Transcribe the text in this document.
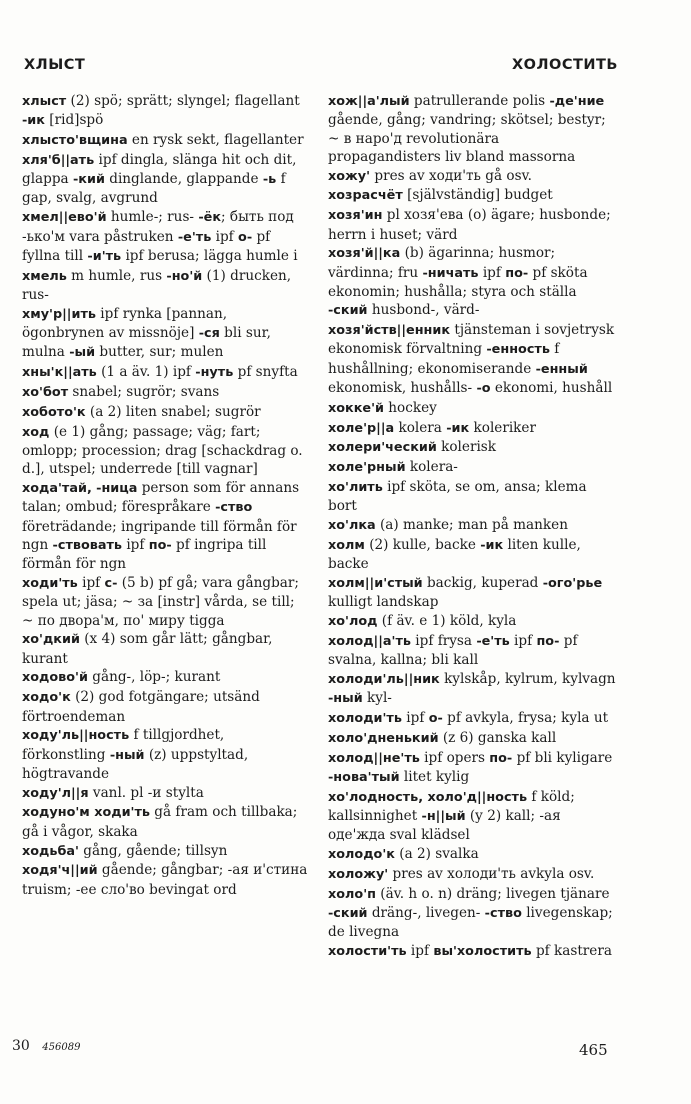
ХЛЫСТ	ХОЛОСТИТЬ
хлыст (2) spö; sprätt; slyngel; flagellant -ик [rid]spö
хлысто'вщина en rysk sekt, flagellanter
хля'б||ать ipf dingla, slänga hit och dit, glappa -кий dinglande, glappande -ь f gap, svalg, avgrund
хмел||ево'й humle-; rus- -ёк; быть под -ько'м vara påstruken -е'ть ipf о- pf fyllna till -и'ть ipf berusa; lägga humle i
хмель m humle, rus -но'й (1) drucken, rus-
хму'р||ить ipf rynka [pannan, ögonbrynen av missnöje] -ся bli sur, mulna -ый butter, sur; mulen
хны'к||ать (1 a äv. 1) ipf -нуть pf snyfta
хо'бот snabel; sugrör; svans
хобото'к (a 2) liten snabel; sugrör
ход (e 1) gång; passage; väg; fart; omlopp; procession; drag [schackdrag o. d.], utspel; underrede [till vagnar]
хода'тай, -ница person som för annans talan; ombud; förespråkare -ство företrädande; ingripande till förmån för ngn -ствовать ipf по- pf ingripa till förmån för ngn
ходи'ть ipf с- (5 b) pf gå; vara gångbar; spela ut; jäsa; ~ за [instr] vårda, se till; ~ по двора'м, по' миру tigga
хо'дкий (x 4) som går lätt; gångbar, kurant
ходово'й gång-, löp-; kurant
ходо'к (2) god fotgängare; utsänd förtroendeman
ходу'ль||ность f tillgjordhet, förkonstling -ный (z) uppstyltad, högtravande
ходу'л||я vanl. pl -и stylta
ходуно'м ходи'ть gå fram och tillbaka; gå i vågor, skaka
ходьба' gång, gående; tillsyn
ходя'ч||ий gående; gångbar; -ая и'стина truism; -ее сло'во bevingat ord
хож||а'лый patrullerande polis -де'ние gående, gång; vandring; skötsel; bestyr; ~ в наро'д revolutionära propagandisters liv bland massorna
хожу' pres av ходи'ть gå osv.
хозрасчёт [självständig] budget
хозя'ин pl хозя'ева (o) ägare; husbonde; herrn i huset; värd
хозя'й||ка (b) ägarinna; husmor; värdinna; fru -ничать ipf по- pf sköta ekonomin; hushålla; styra och ställa -ский husbond-, värd-
хозя'йств||енник tjänsteman i sovjetrysk ekonomisk förvaltning -енность f hushållning; ekonomiserande -енный ekonomisk, hushålls- -о ekonomi, hushåll
хокке'й hockey
холе'р||а kolera -ик koleriker
холери'ческий kolerisk
холе'рный kolera-
хо'лить ipf sköta, se om, ansa; klema bort
хо'лка (a) manke; man på manken
холм (2) kulle, backe -ик liten kulle, backe
холм||и'стый backig, kuperad -ого'рье kulligt landskap
хо'лод (f äv. e 1) köld, kyla
холод||а'ть ipf frysa -е'ть ipf по- pf svalna, kallna; bli kall
холоди'ль||ник kylskåp, kylrum, kylvagn -ный kyl-
холоди'ть ipf о- pf avkyla, frysa; kyla ut
холо'дненький (z 6) ganska kall
холод||не'ть ipf opers по- pf bli kyligare -нова'тый litet kylig
хо'лодность, холо'д||ность f köld; kallsinnighet -н||ый (y 2) kall; -ая оде'жда sval klädsel
холодо'к (a 2) svalka
холожу' pres av холоди'ть avkyla osv.
холо'п (äv. h o. n) dräng; livegen tjänare -ский dräng-, livegen- -ство livegenskap; de livegna
холости'ть ipf вы'холостить pf kastrera
30 456089	465
